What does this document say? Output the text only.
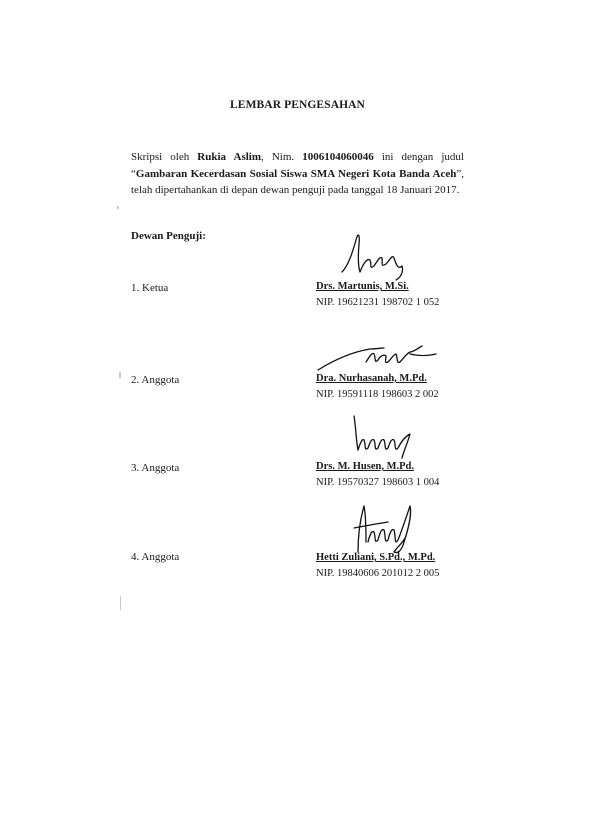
LEMBAR PENGESAHAN
Skripsi oleh Rukia Aslim, Nim. 1006104060046 ini dengan judul “Gambaran Kecerdasan Sosial Siswa SMA Negeri Kota Banda Aceh”, telah dipertahankan di depan dewan penguji pada tanggal 18 Januari 2017.
Dewan Penguji:
1. Ketua	Drs. Martunis, M.Si.
NIP. 19621231 198702 1 052
2. Anggota	Dra. Nurhasanah, M.Pd.
NIP. 19591118 198603 2 002
3. Anggota	Drs. M. Husen, M.Pd.
NIP. 19570327 198603 1 004
4. Anggota	Hetti Zuliani, S.Pd., M.Pd.
NIP. 19840606 201012 2 005
